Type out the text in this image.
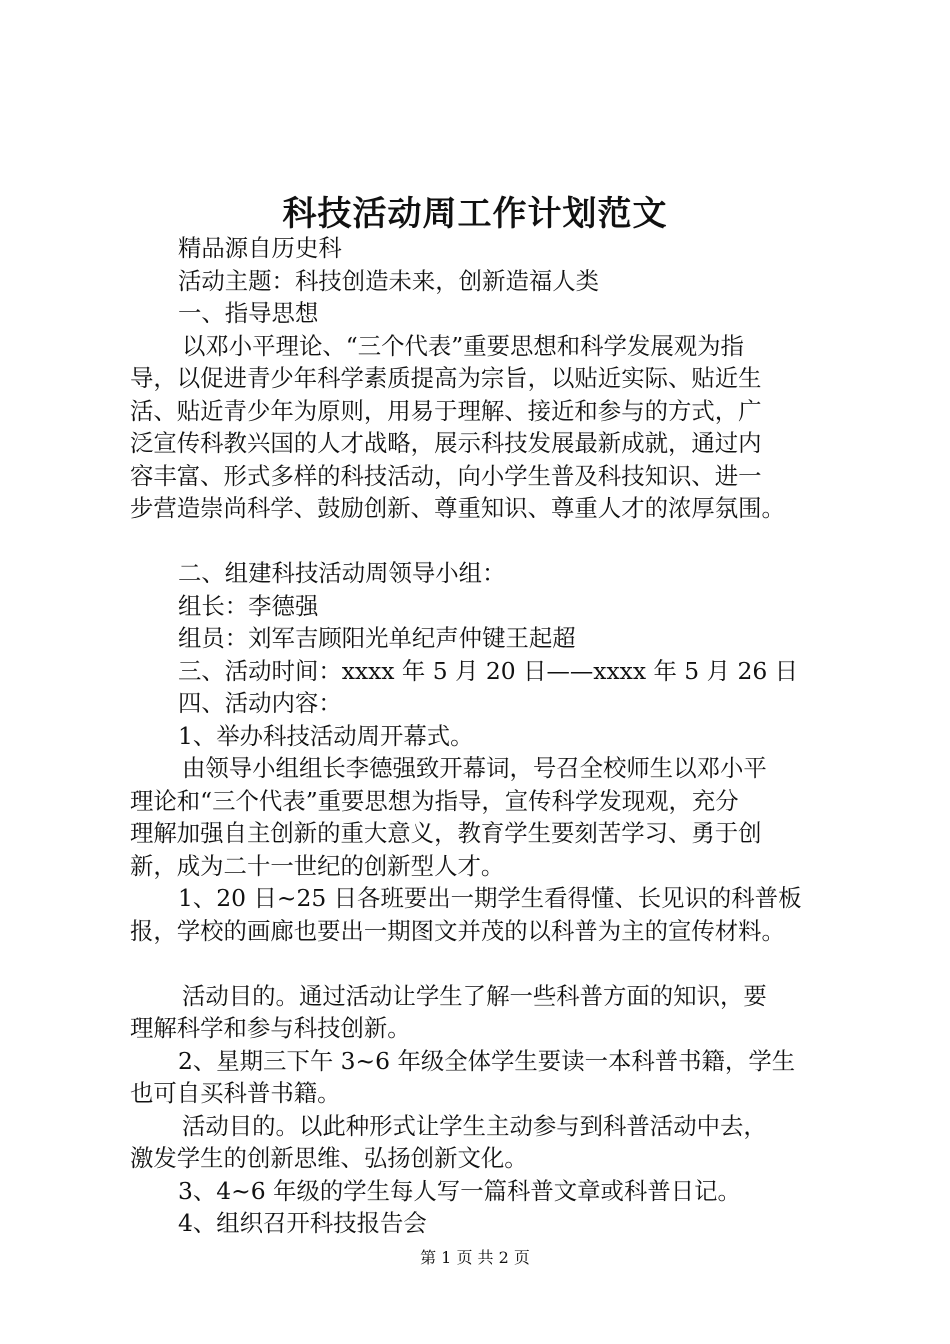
科技活动周工作计划范文
精品源自历史科
活动主题：科技创造未来，创新造福人类
一、指导思想
以邓小平理论、“三个代表”重要思想和科学发展观为指
导，以促进青少年科学素质提高为宗旨，以贴近实际、贴近生
活、贴近青少年为原则，用易于理解、接近和参与的方式，广
泛宣传科教兴国的人才战略，展示科技发展最新成就，通过内
容丰富、形式多样的科技活动，向小学生普及科技知识、进一
步营造崇尚科学、鼓励创新、尊重知识、尊重人才的浓厚氛围。
二、组建科技活动周领导小组：
组长：李德强
组员：刘军吉顾阳光单纪声仲键王起超
三、活动时间：xxxx 年 5 月 20 日——xxxx 年 5 月 26 日
四、活动内容：
1、举办科技活动周开幕式。
由领导小组组长李德强致开幕词，号召全校师生以邓小平
理论和“三个代表”重要思想为指导，宣传科学发现观，充分
理解加强自主创新的重大意义，教育学生要刻苦学习、勇于创
新，成为二十一世纪的创新型人才。
1、20 日~25 日各班要出一期学生看得懂、长见识的科普板
报，学校的画廊也要出一期图文并茂的以科普为主的宣传材料。
活动目的。通过活动让学生了解一些科普方面的知识，要
理解科学和参与科技创新。
2、星期三下午 3~6 年级全体学生要读一本科普书籍，学生
也可自买科普书籍。
活动目的。以此种形式让学生主动参与到科普活动中去，
激发学生的创新思维、弘扬创新文化。
3、4~6 年级的学生每人写一篇科普文章或科普日记。
4、组织召开科技报告会
第 1 页 共 2 页
